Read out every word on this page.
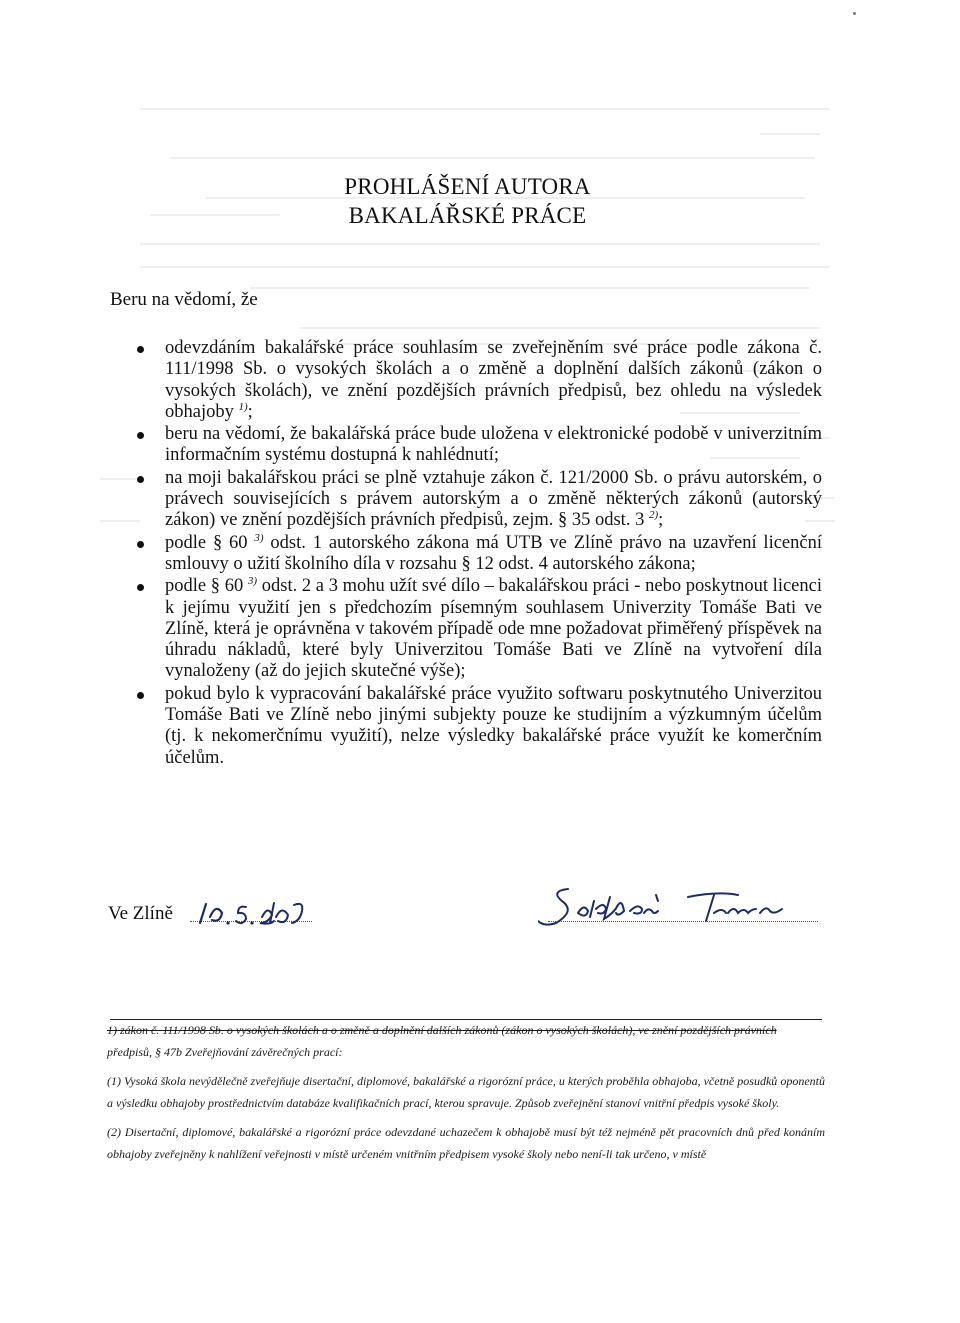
PROHLÁŠENÍ AUTORA
BAKALÁŘSKÉ PRÁCE
Beru na vědomí, že
odevzdáním bakalářské práce souhlasím se zveřejněním své práce podle zákona č. 111/1998 Sb. o vysokých školách a o změně a doplnění dalších zákonů (zákon o vysokých školách), ve znění pozdějších právních předpisů, bez ohledu na výsledek obhajoby $^{1)}$;
beru na vědomí, že bakalářská práce bude uložena v elektronické podobě v univerzitním informačním systému dostupná k nahlédnutí;
na moji bakalářskou práci se plně vztahuje zákon č. 121/2000 Sb. o právu autorském, o právech souvisejících s právem autorským a o změně některých zákonů (autorský zákon) ve znění pozdějších právních předpisů, zejm. § 35 odst. 3 $^{2)}$;
podle § 60 $^{3)}$ odst. 1 autorského zákona má UTB ve Zlíně právo na uzavření licenční smlouvy o užití školního díla v rozsahu § 12 odst. 4 autorského zákona;
podle § 60 $^{3)}$ odst. 2 a 3 mohu užít své dílo – bakalářskou práci - nebo poskytnout licenci k jejímu využití jen s předchozím písemným souhlasem Univerzity Tomáše Bati ve Zlíně, která je oprávněna v takovém případě ode mne požadovat přiměřený příspěvek na úhradu nákladů, které byly Univerzitou Tomáše Bati ve Zlíně na vytvoření díla vynaloženy (až do jejich skutečné výše);
pokud bylo k vypracování bakalářské práce využito softwaru poskytnutého Univerzitou Tomáše Bati ve Zlíně nebo jinými subjekty pouze ke studijním a výzkumným účelům (tj. k nekomerčnímu využití), nelze výsledky bakalářské práce využít ke komerčním účelům.
Ve Zlíně

1) zákon č. 111/1998 Sb. o vysokých školách a o změně a doplnění dalších zákonů (zákon o vysokých školách), ve znění pozdějších právních

předpisů, § 47b Zveřejňování závěrečných prací:

(1) Vysoká škola nevýdělečně zveřejňuje disertační, diplomové, bakalářské a rigorózní práce, u kterých proběhla obhajoba, včetně posudků oponentů a výsledku obhajoby prostřednictvím databáze kvalifikačních prací, kterou spravuje. Způsob zveřejnění stanoví vnitřní předpis vysoké školy.

(2) Disertační, diplomové, bakalářské a rigorózní práce odevzdané uchazečem k obhajobě musí být též nejméně pět pracovních dnů před konáním obhajoby zveřejněny k nahlížení veřejnosti v místě určeném vnitřním předpisem vysoké školy nebo není-li tak určeno, v místě
